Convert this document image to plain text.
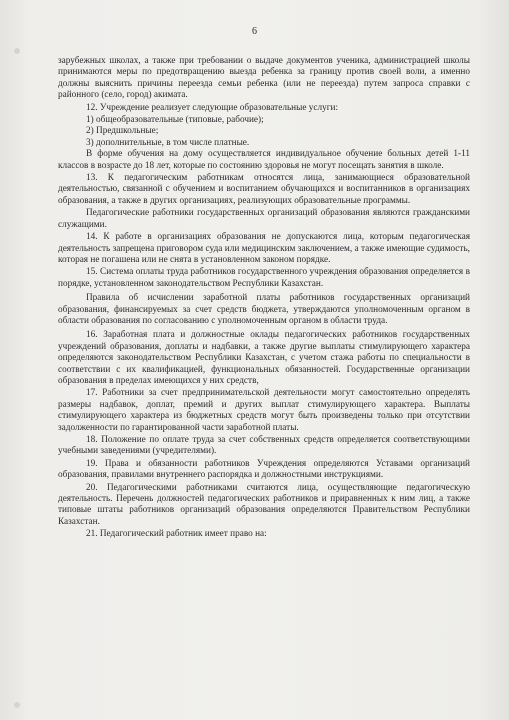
6

зарубежных школах, а также при требовании о выдаче документов ученика, администрацией школы принимаются меры по предотвращению выезда ребенка за границу против своей воли, а именно должны выяснить причины переезда семьи ребенка (или не переезда) путем запроса справки с районного (село, город) акимата.

12. Учреждение реализует следующие образовательные услуги:

1) общеобразовательные (типовые, рабочие);
2) Предшкольные;
3) дополнительные, в том числе платные.

В форме обучения на дому осуществляется индивидуальное обучение больных детей 1-11 классов в возрасте до 18 лет, которые по состоянию здоровья не могут посещать занятия в школе.

13. К педагогическим работникам относятся лица, занимающиеся образовательной деятельностью, связанной с обучением и воспитанием обучающихся и воспитанников в организациях образования, а также в других организациях, реализующих образовательные программы.

Педагогические работники государственных организаций образования являются гражданскими служащими.

14. К работе в организациях образования не допускаются лица, которым педагогическая деятельность запрещена приговором суда или медицинским заключением, а также имеющие судимость, которая не погашена или не снята в установленном законом порядке.

15. Система оплаты труда работников государственного учреждения образования определяется в порядке, установленном законодательством Республики Казахстан.

Правила об исчислении заработной платы работников государственных организаций образования, финансируемых за счет средств бюджета, утверждаются уполномоченным органом в области образования по согласованию с уполномоченным органом в области труда.

16. Заработная плата и должностные оклады педагогических работников государственных учреждений образования, доплаты и надбавки, а также другие выплаты стимулирующего характера определяются законодательством Республики Казахстан, с учетом стажа работы по специальности в соответствии с их квалификацией, функциональных обязанностей. Государственные организации образования в пределах имеющихся у них средств,

17. Работники за счет предпринимательской деятельности могут самостоятельно определять размеры надбавок, доплат, премий и других выплат стимулирующего характера. Выплаты стимулирующего характера из бюджетных средств могут быть произведены только при отсутствии задолженности по гарантированной части заработной платы.

18. Положение по оплате труда за счет собственных средств определяется соответствующими учебными заведениями (учредителями).

19. Права и обязанности работников Учреждения определяются Уставами организаций образования, правилами внутреннего распорядка и должностными инструкциями.

20. Педагогическими работниками считаются лица, осуществляющие педагогическую деятельность. Перечень должностей педагогических работников и приравненных к ним лиц, а также типовые штаты работников организаций образования определяются Правительством Республики Казахстан.

21. Педагогический работник имеет право на:
